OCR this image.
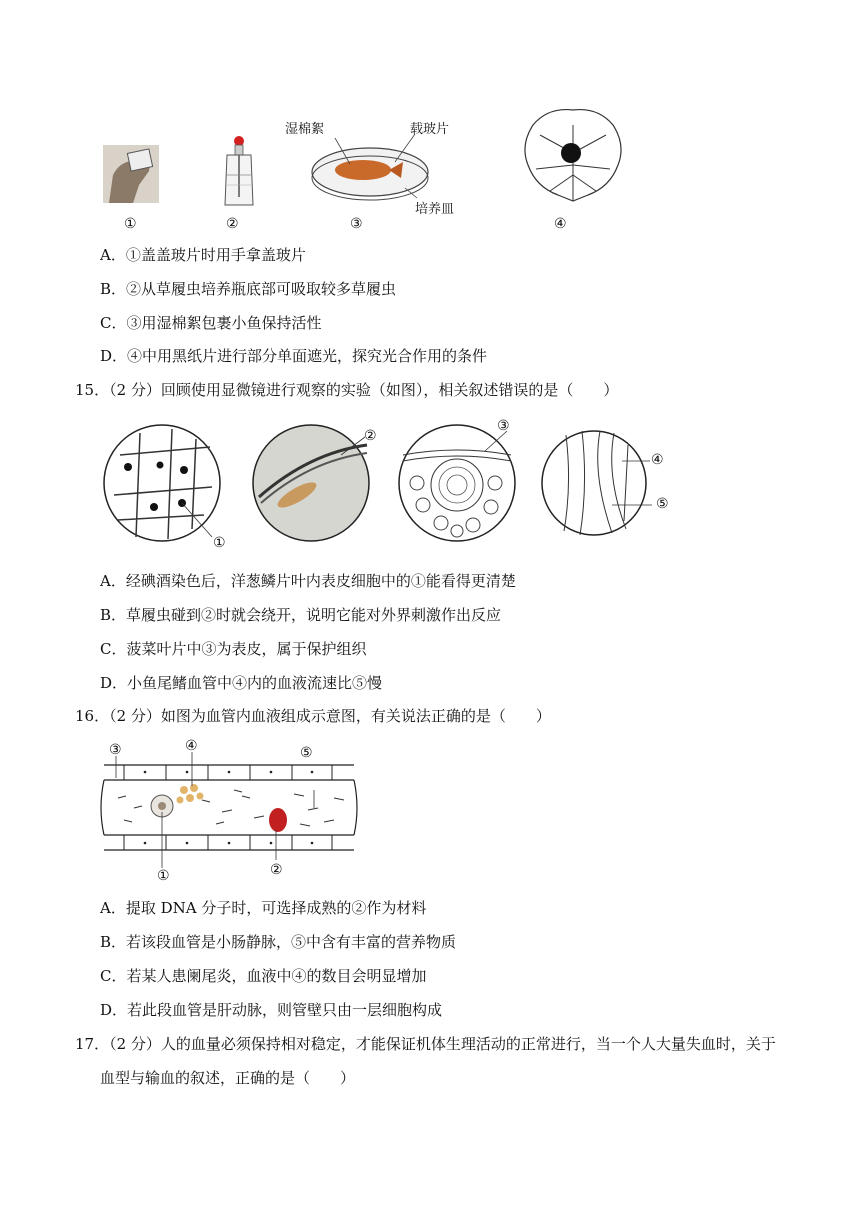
①	②
湿棉絮	载玻片
培养皿
③	④
A．①盖盖玻片时用手拿盖玻片
B．②从草履虫培养瓶底部可吸取较多草履虫
C．③用湿棉絮包裹小鱼保持活性
D．④中用黑纸片进行部分单面遮光，探究光合作用的条件
15．（2 分）回顾使用显微镜进行观察的实验（如图），相关叙述错误的是（　　）
①
②
③
④
⑤
A．经碘酒染色后，洋葱鳞片叶内表皮细胞中的①能看得更清楚
B．草履虫碰到②时就会绕开，说明它能对外界刺激作出反应
C．菠菜叶片中③为表皮，属于保护组织
D．小鱼尾鳍血管中④内的血液流速比⑤慢
16．（2 分）如图为血管内血液组成示意图，有关说法正确的是（　　）
③	④	⑤
①	②
A．提取 DNA 分子时，可选择成熟的②作为材料
B．若该段血管是小肠静脉，⑤中含有丰富的营养物质
C．若某人患阑尾炎，血液中④的数目会明显增加
D．若此段血管是肝动脉，则管壁只由一层细胞构成
17．（2 分）人的血量必须保持相对稳定，才能保证机体生理活动的正常进行，当一个人大量失血时，关于
血型与输血的叙述，正确的是（　　）
